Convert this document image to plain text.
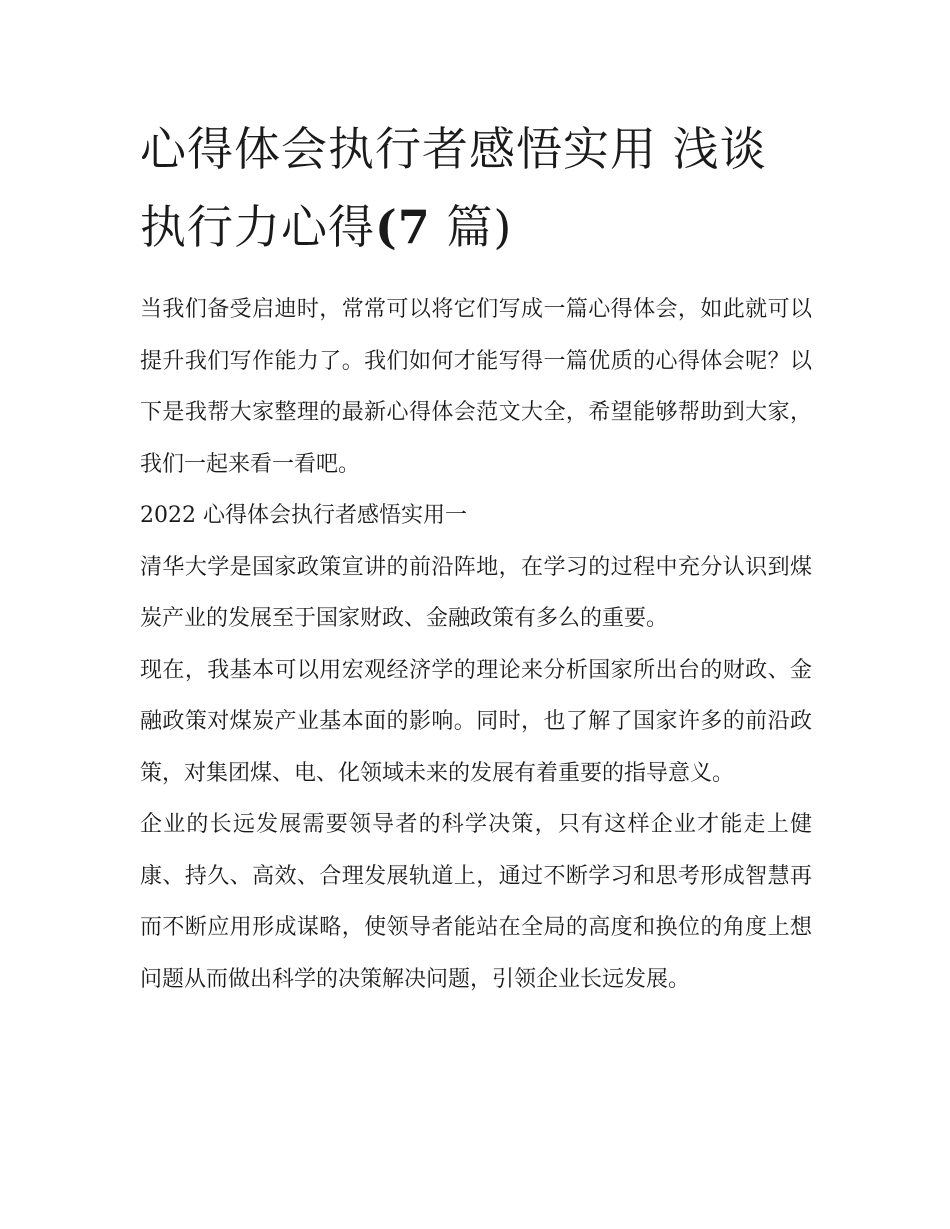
心得体会执行者感悟实用 浅谈执行力心得(7 篇)

当我们备受启迪时，常常可以将它们写成一篇心得体会，如此就可以提升我们写作能力了。我们如何才能写得一篇优质的心得体会呢？以下是我帮大家整理的最新心得体会范文大全，希望能够帮助到大家，我们一起来看一看吧。

2022 心得体会执行者感悟实用一

清华大学是国家政策宣讲的前沿阵地，在学习的过程中充分认识到煤炭产业的发展至于国家财政、金融政策有多么的重要。

现在，我基本可以用宏观经济学的理论来分析国家所出台的财政、金融政策对煤炭产业基本面的影响。同时，也了解了国家许多的前沿政策，对集团煤、电、化领域未来的发展有着重要的指导意义。

企业的长远发展需要领导者的科学决策，只有这样企业才能走上健康、持久、高效、合理发展轨道上，通过不断学习和思考形成智慧再而不断应用形成谋略，使领导者能站在全局的高度和换位的角度上想问题从而做出科学的决策解决问题，引领企业长远发展。
